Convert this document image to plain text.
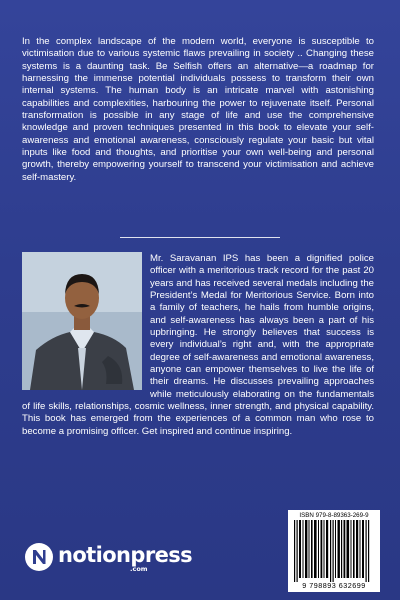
In the complex landscape of the modern world, everyone is susceptible to victimisation due to various systemic flaws prevailing in society .. Changing these systems is a daunting task. Be Selfish offers an alternative—a roadmap for harnessing the immense potential individuals possess to transform their own internal systems. The human body is an intricate marvel with astonishing capabilities and complexities, harbouring the power to rejuvenate itself. Personal transformation is possible in any stage of life and use the comprehensive knowledge and proven techniques presented in this book to elevate your self-awareness and emotional awareness, consciously regulate your basic but vital inputs like food and thoughts, and prioritise your own well-being and personal growth, thereby empowering yourself to transcend your victimisation and achieve self-mastery.

Mr. Saravanan IPS has been a dignified police officer with a meritorious track record for the past 20 years and has received several medals including the President’s Medal for Meritorious Service. Born into a family of teachers, he hails from humble origins, and self-awareness has always been a part of his upbringing. He strongly believes that success is every individual’s right and, with the appropriate degree of self-awareness and emotional awareness, anyone can empower themselves to live the life of their dreams. He discusses prevailing approaches while meticulously elaborating on the fundamentals of life skills, relationships, cosmic wellness, inner strength, and physical capability. This book has emerged from the experiences of a common man who rose to become a promising officer. Get inspired and continue inspiring.

ISBN 979-8-89363-269-9
9 798893 632699
notionpress
.com
